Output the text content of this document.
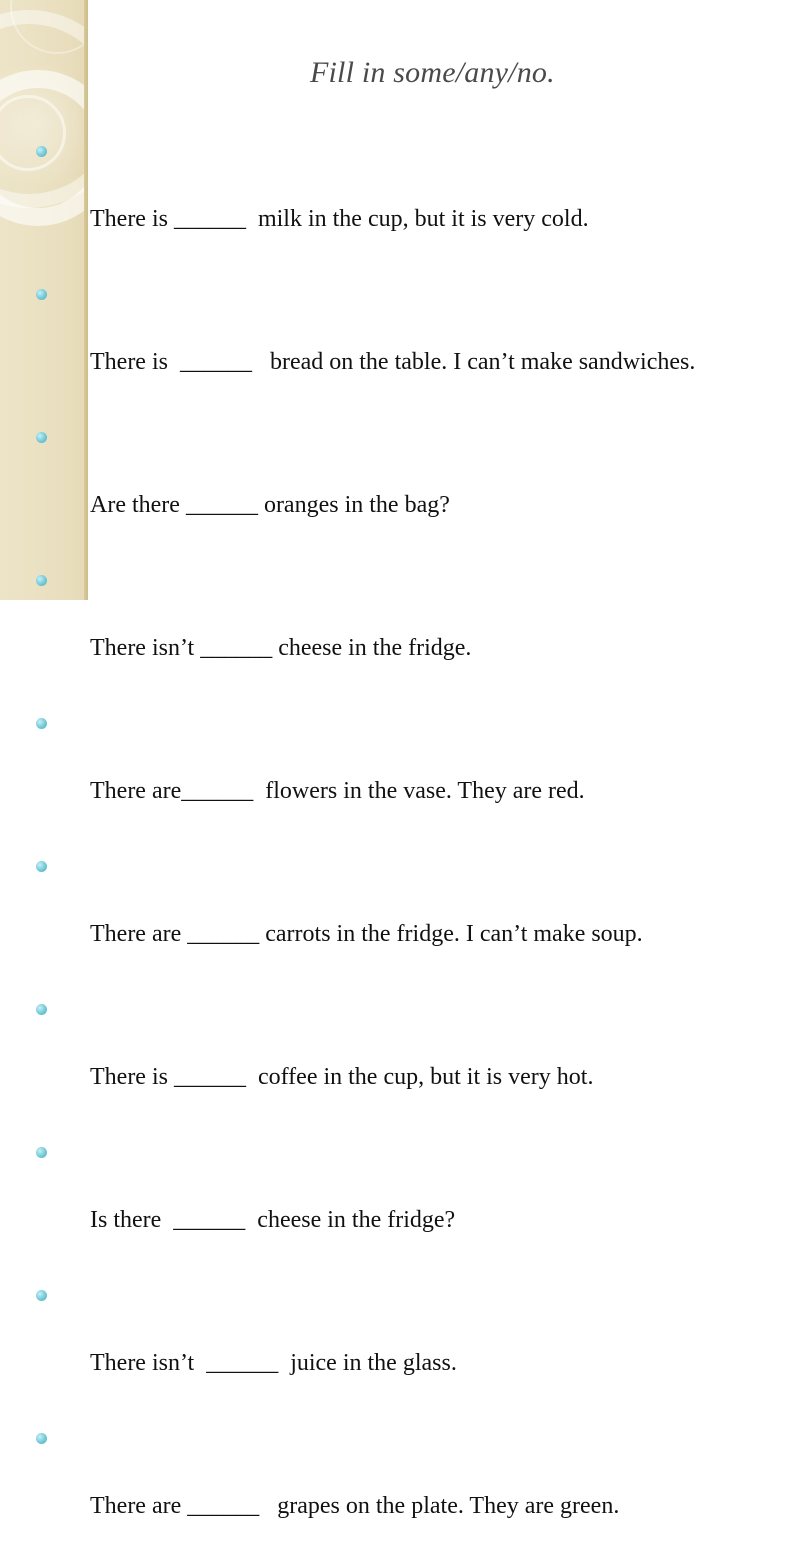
Fill in some/any/no.

There is ______  milk in the cup, but it is very cold.

There is  ______   bread on the table. I can’t make sandwiches.

Are there ______ oranges in the bag?

There isn’t ______ cheese in the fridge.

There are______  flowers in the vase. They are red.

There are ______ carrots in the fridge. I can’t make soup.

There is ______  coffee in the cup, but it is very hot.

Is there  ______  cheese in the fridge?

There isn’t  ______  juice in the glass.

There are ______   grapes on the plate. They are green.
